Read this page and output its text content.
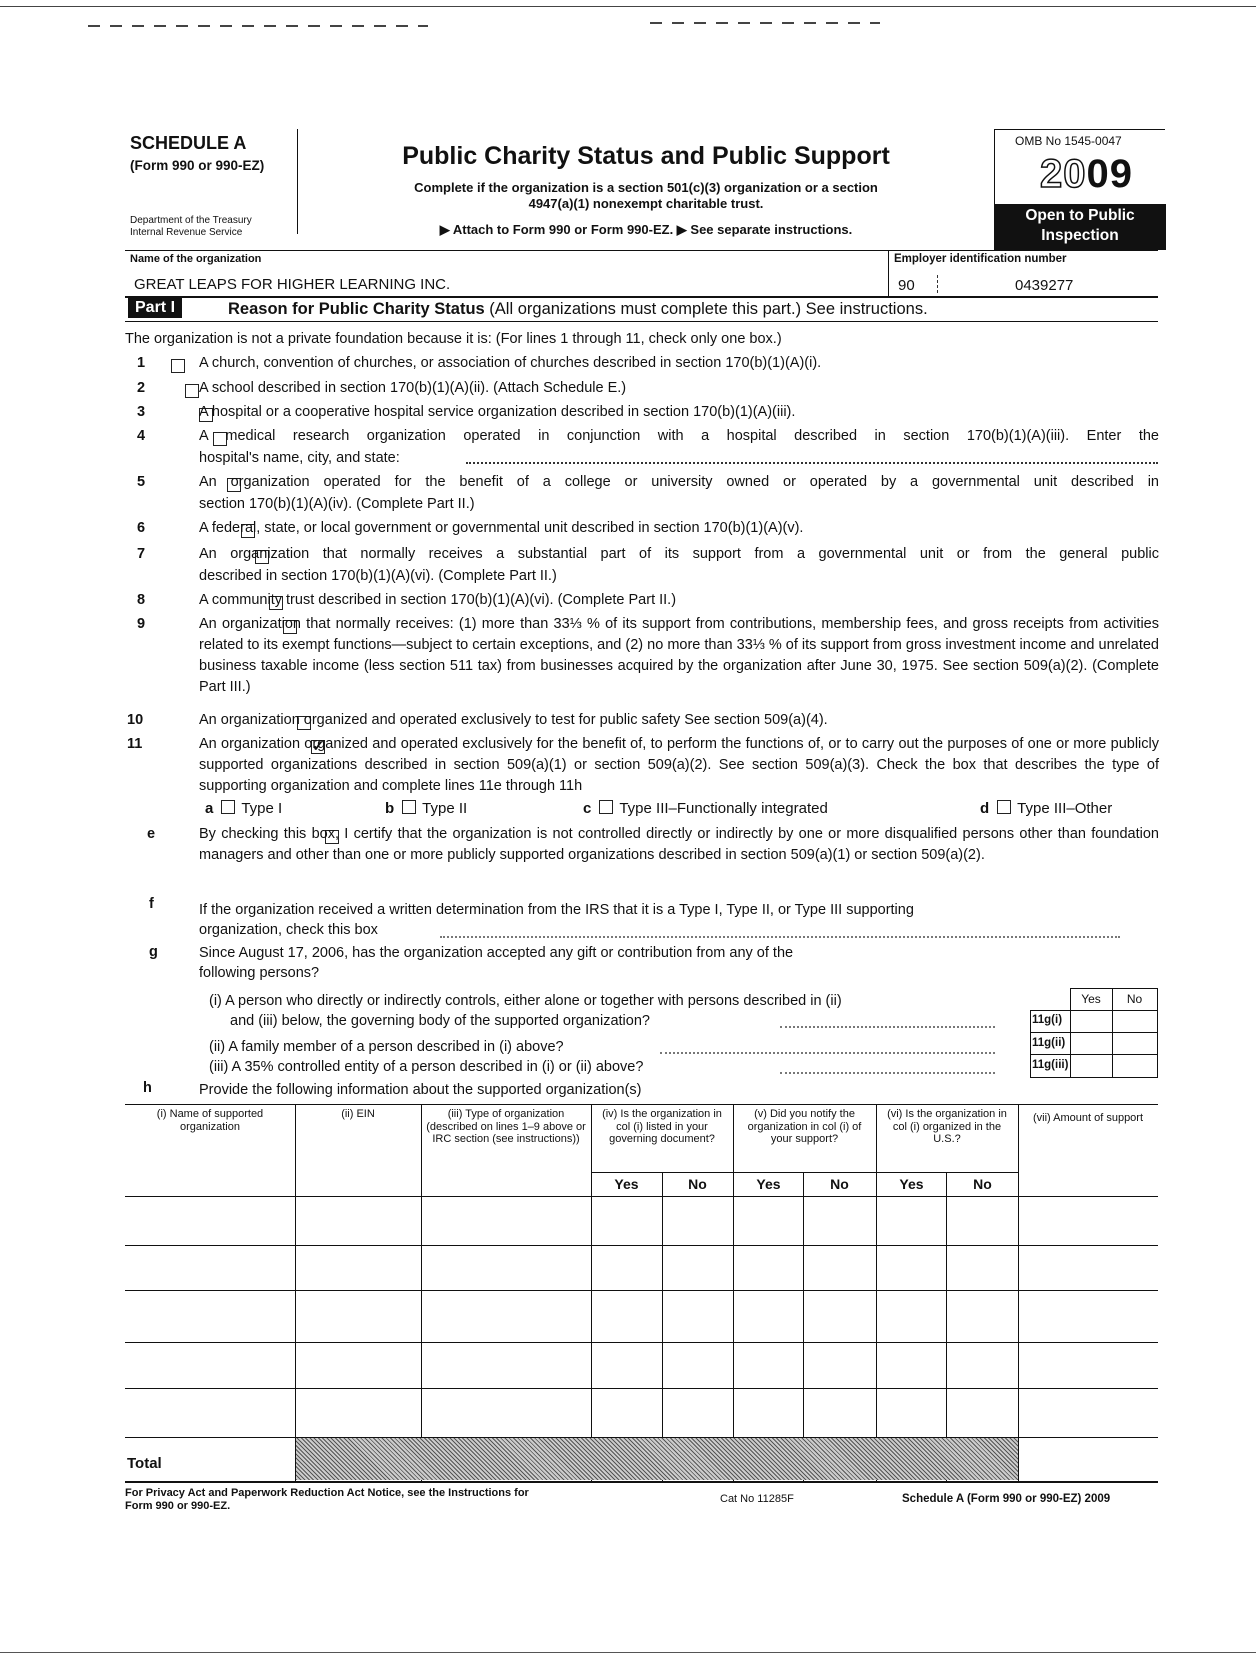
SCHEDULE A
(Form 990 or 990-EZ)
Department of the Treasury
Internal Revenue Service
Public Charity Status and Public Support
Complete if the organization is a section 501(c)(3) organization or a section
4947(a)(1) nonexempt charitable trust.
▶ Attach to Form 990 or Form 990-EZ. ▶ See separate instructions.
OMB No 1545-0047
2009
Open to Public
Inspection
Name of the organization	Employer identification number
GREAT LEAPS FOR HIGHER LEARNING INC.	90	0439277
Part I	Reason for Public Charity Status (All organizations must complete this part.) See instructions.
The organization is not a private foundation because it is: (For lines 1 through 11, check only one box.)
1	A church, convention of churches, or association of churches described in section 170(b)(1)(A)(i).
2	A school described in section 170(b)(1)(A)(ii). (Attach Schedule E.)
3	A hospital or a cooperative hospital service organization described in section 170(b)(1)(A)(iii).
4	A medical research organization operated in conjunction with a hospital described in section 170(b)(1)(A)(iii). Enter the
hospital's name, city, and state:
5	An organization operated for the benefit of a college or university owned or operated by a governmental unit described in
section 170(b)(1)(A)(iv). (Complete Part II.)
6	A federal, state, or local government or governmental unit described in section 170(b)(1)(A)(v).
7	An organization that normally receives a substantial part of its support from a governmental unit or from the general public
described in section 170(b)(1)(A)(vi). (Complete Part II.)
8	A community trust described in section 170(b)(1)(A)(vi). (Complete Part II.)
9	An organization that normally receives: (1) more than 33⅓ % of its support from contributions, membership fees, and gross receipts from activities related to its exempt functions—subject to certain exceptions, and (2) no more than 33⅓ % of its support from gross investment income and unrelated business taxable income (less section 511 tax) from businesses acquired by the organization after June 30, 1975. See section 509(a)(2). (Complete Part III.)
10	An organization organized and operated exclusively to test for public safety See section 509(a)(4).
11
✓	An organization organized and operated exclusively for the benefit of, to perform the functions of, or to carry out the purposes of one or more publicly supported organizations described in section 509(a)(1) or section 509(a)(2). See section 509(a)(3). Check the box that describes the type of supporting organization and complete lines 11e through 11h
a Type I	b Type II	c Type III–Functionally integrated	d Type III–Other
e	By checking this box, I certify that the organization is not controlled directly or indirectly by one or more disqualified persons other than foundation managers and other than one or more publicly supported organizations described in section 509(a)(1) or section 509(a)(2).
f	If the organization received a written determination from the IRS that it is a Type I, Type II, or Type III supporting
organization, check this box
g	Since August 17, 2006, has the organization accepted any gift or contribution from any of the
following persons?
(i) A person who directly or indirectly controls, either alone or together with persons described in (ii)
and (iii) below, the governing body of the supported organization?
(ii) A family member of a person described in (i) above?
(iii) A 35% controlled entity of a person described in (i) or (ii) above?
Yes	No
11g(i)
11g(ii)
11g(iii)
h	Provide the following information about the supported organization(s)
(i) Name of supported organization
(ii) EIN	(iii) Type of organization (described on lines 1–9 above or IRC section (see instructions))
(iv) Is the organization in col (i) listed in your governing document?
(v) Did you notify the organization in col (i) of your support?
(vi) Is the organization in col (i) organized in the U.S.?
(vii) Amount of support
Yes	No	Yes	No	Yes	No
Total
For Privacy Act and Paperwork Reduction Act Notice, see the Instructions for
Form 990 or 990-EZ.
Cat No 11285F	Schedule A (Form 990 or 990-EZ) 2009
